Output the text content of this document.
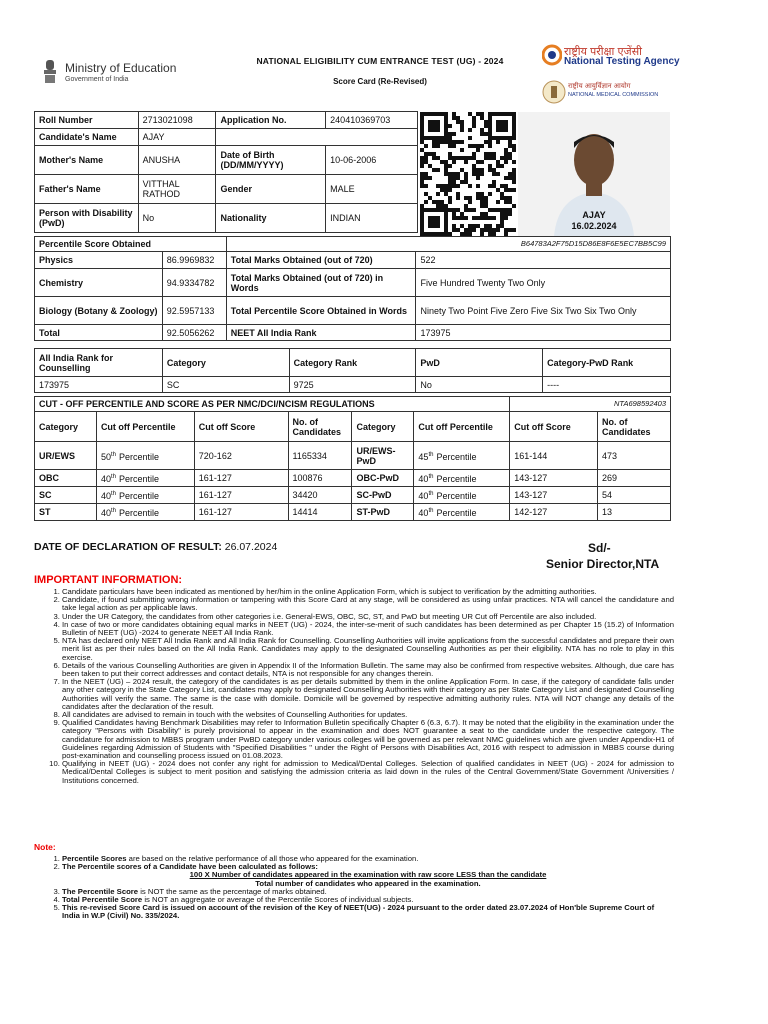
Ministry of Education
Government of India
NATIONAL ELIGIBILITY CUM ENTRANCE TEST (UG) - 2024
Score Card (Re-Revised)
राष्ट्रीय परीक्षा एजेंसी
National Testing Agency
राष्ट्रीय आयुर्विज्ञान आयोग
NATIONAL MEDICAL COMMISSION
Roll Number	2713021098	Application No.	240410369703
Candidate's Name	AJAY		
Mother's Name	ANUSHA	Date of Birth (DD/MM/YYYY)	10-06-2006
Father's Name	VITTHAL RATHOD	Gender	MALE
Person with Disability (PwD)	No	Nationality	INDIAN	AJAY
16.02.2024
Percentile Score Obtained		B64783A2F75D15D86E8F6E5EC7BB5C99	
Physics	86.9969832	Total Marks Obtained (out of 720)	522
Chemistry	94.9334782	Total Marks Obtained (out of 720) in Words	Five Hundred Twenty Two Only
Biology (Botany & Zoology)	92.5957133	Total Percentile Score Obtained in Words	Ninety Two Point Five Zero Five Six Two Six Two Only
Total	92.5056262	NEET All India Rank	173975
All India Rank for Counselling	Category	Category Rank	PwD	Category-PwD Rank
173975	SC	9725	No	----
CUT - OFF PERCENTILE AND SCORE AS PER NMC/DCI/NCISM REGULATIONS						NTA698592403	
Category	Cut off Percentile	Cut off Score	No. of Candidates	Category	Cut off Percentile	Cut off Score	No. of Candidates
UR/EWS	50th Percentile	720-162	1165334	UR/EWS-PwD	45th Percentile	161-144	473
OBC	40th Percentile	161-127	100876	OBC-PwD	40th Percentile	143-127	269
SC	40th Percentile	161-127	34420	SC-PwD	40th Percentile	143-127	54
ST	40th Percentile	161-127	14414	ST-PwD	40th Percentile	142-127	13
DATE OF DECLARATION OF RESULT: 26.07.2024	Sd/-
Senior Director,NTA
IMPORTANT INFORMATION:
1. Candidate particulars have been indicated as mentioned by her/him in the online Application Form, which is subject to verification by the admitting authorities.
2. Candidate, if found submitting wrong information or tampering with this Score Card at any stage, will be considered as using unfair practices. NTA will cancel the candidature and take legal action as per applicable laws.
3. Under the UR Category, the candidates from other categories i.e. General-EWS, OBC, SC, ST, and PwD but meeting UR Cut off Percentile are also included.
4. In case of two or more candidates obtaining equal marks in NEET (UG) - 2024, the inter-se-merit of such candidates has been determined as per Chapter 15 (15.2) of Information Bulletin of NEET (UG) -2024 to generate NEET All India Rank.
5. NTA has declared only NEET All India Rank and All India Rank for Counselling. Counselling Authorities will invite applications from the successful candidates and prepare their own merit list as per their rules based on the All India Rank. Candidates may apply to the designated Counselling Authorities as per their eligibility. NTA has no role to play in this exercise.
6. Details of the various Counselling Authorities are given in Appendix II of the Information Bulletin. The same may also be confirmed from respective websites. Although, due care has been taken to put their correct addresses and contact details, NTA is not responsible for any changes therein.
7. In the NEET (UG) – 2024 result, the category of the candidates is as per details submitted by them in the online Application Form. In case, if the category of candidate falls under any other category in the State Category List, candidates may apply to designated Counselling Authorities with their category as per State Category List and designated Counselling Authorities will verify the same. The same is the case with domicile. Domicile will be governed by respective admitting authority rules. NTA will NOT change any details of the candidates after the declaration of the result.
8. All candidates are advised to remain in touch with the websites of Counselling Authorities for updates.
9. Qualified Candidates having Benchmark Disabilities may refer to Information Bulletin specifically Chapter 6 (6.3, 6.7). It may be noted that the eligibility in the examination under the category "Persons with Disability" is purely provisional to appear in the examination and does NOT guarantee a seat to the candidate under the respective category. The candidature for admission to MBBS program under PwBD category under various colleges will be governed as per relevant NMC guidelines which are given under Appendix-H1 of Guidelines regarding Admission of Students with "Specified Disabilities " under the Right of Persons with Disabilities Act, 2016 with respect to admission in MBBS course during post-examination and counselling process issued on 01.08.2023.
10. Qualifying in NEET (UG) - 2024 does not confer any right for admission to Medical/Dental Colleges. Selection of qualified candidates in NEET (UG) - 2024 for admission to Medical/Dental Colleges is subject to merit position and satisfying the admission criteria as laid down in the rules of the Central Government/State Government /Universities / Institutions concerned.
Note:
1. Percentile Scores are based on the relative performance of all those who appeared for the examination.
2. The Percentile scores of a Candidate have been calculated as follows:
100 X Number of candidates appeared in the examination with raw score LESS than the candidate
Total number of candidates who appeared in the examination.
3. The Percentile Score is NOT the same as the percentage of marks obtained.
4. Total Percentile Score is NOT an aggregate or average of the Percentile Scores of individual subjects.
5. This re-revised Score Card is issued on account of the revision of the Key of NEET(UG) - 2024 pursuant to the order dated 23.07.2024 of Hon'ble Supreme Court of India in W.P (Civil) No. 335/2024.
